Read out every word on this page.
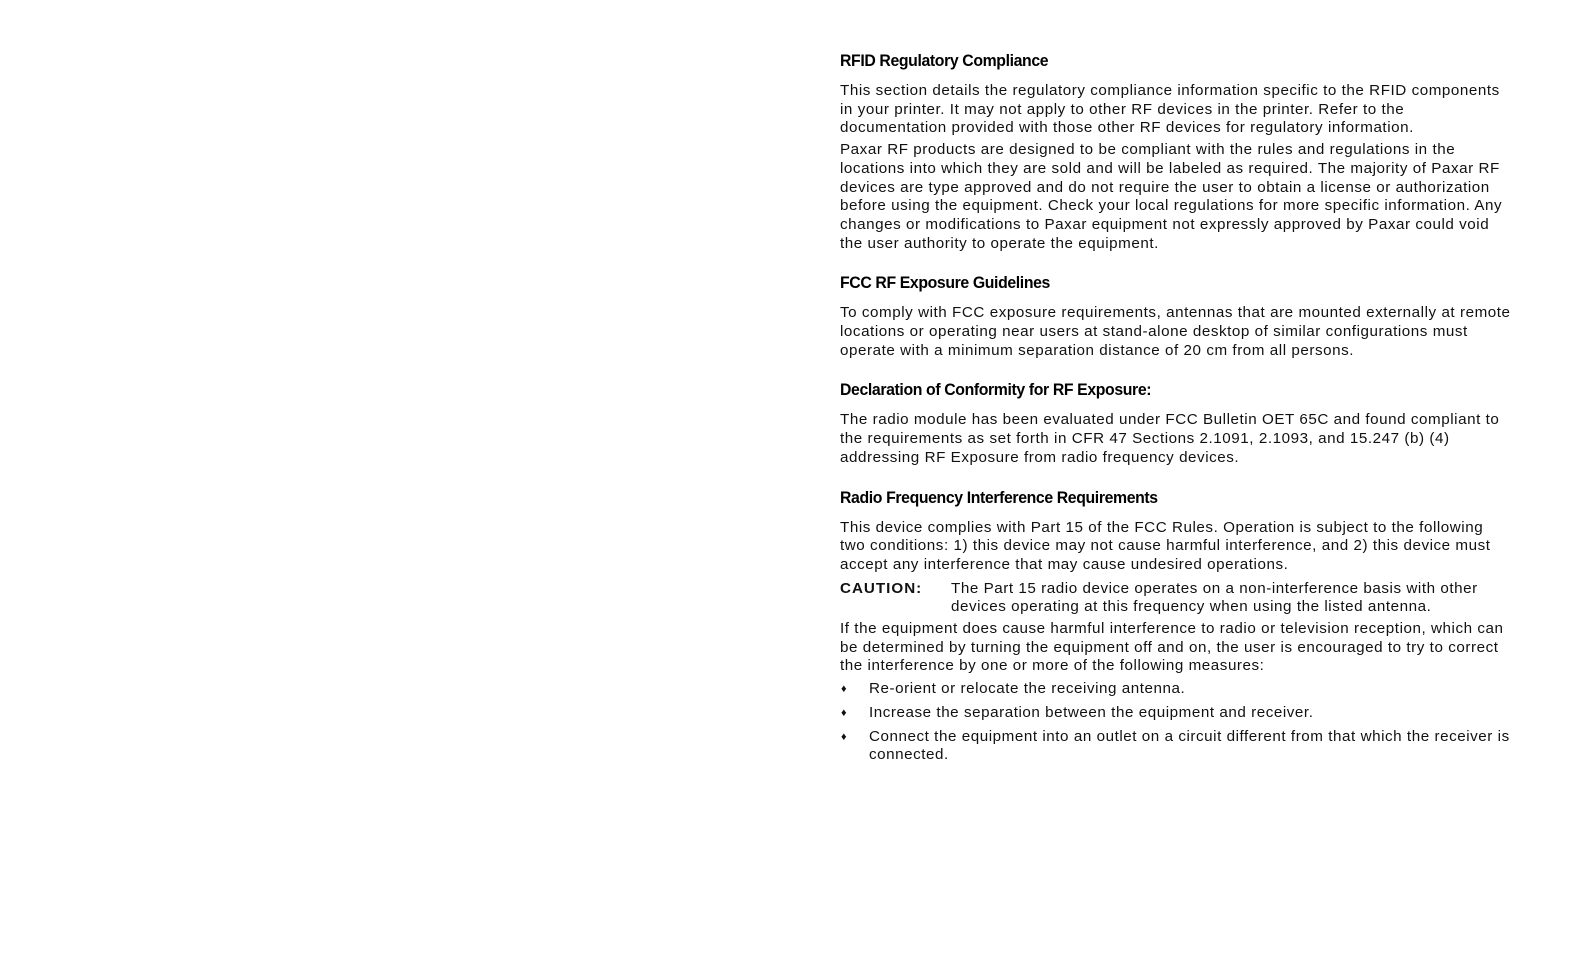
RFID Regulatory Compliance

This section details the regulatory compliance information specific to the RFID components in your printer. It may not apply to other RF devices in the printer. Refer to the documentation provided with those other RF devices for regulatory information.

Paxar RF products are designed to be compliant with the rules and regulations in the locations into which they are sold and will be labeled as required. The majority of Paxar RF devices are type approved and do not require the user to obtain a license or authorization before using the equipment. Check your local regulations for more specific information. Any changes or modifications to Paxar equipment not expressly approved by Paxar could void the user authority to operate the equipment.

FCC RF Exposure Guidelines

To comply with FCC exposure requirements, antennas that are mounted externally at remote locations or operating near users at stand-alone desktop of similar configurations must operate with a minimum separation distance of 20 cm from all persons.

Declaration of Conformity for RF Exposure:

The radio module has been evaluated under FCC Bulletin OET 65C and found compliant to the requirements as set forth in CFR 47 Sections 2.1091, 2.1093, and 15.247 (b) (4) addressing RF Exposure from radio frequency devices.

Radio Frequency Interference Requirements

This device complies with Part 15 of the FCC Rules. Operation is subject to the following two conditions: 1) this device may not cause harmful interference, and 2) this device must accept any interference that may cause undesired operations.

CAUTION:	The Part 15 radio device operates on a non-interference basis with other devices operating at this frequency when using the listed antenna.

If the equipment does cause harmful interference to radio or television reception, which can be determined by turning the equipment off and on, the user is encouraged to try to correct the interference by one or more of the following measures:

♦	Re-orient or relocate the receiving antenna.
♦	Increase the separation between the equipment and receiver.
♦	Connect the equipment into an outlet on a circuit different from that which the receiver is connected.
